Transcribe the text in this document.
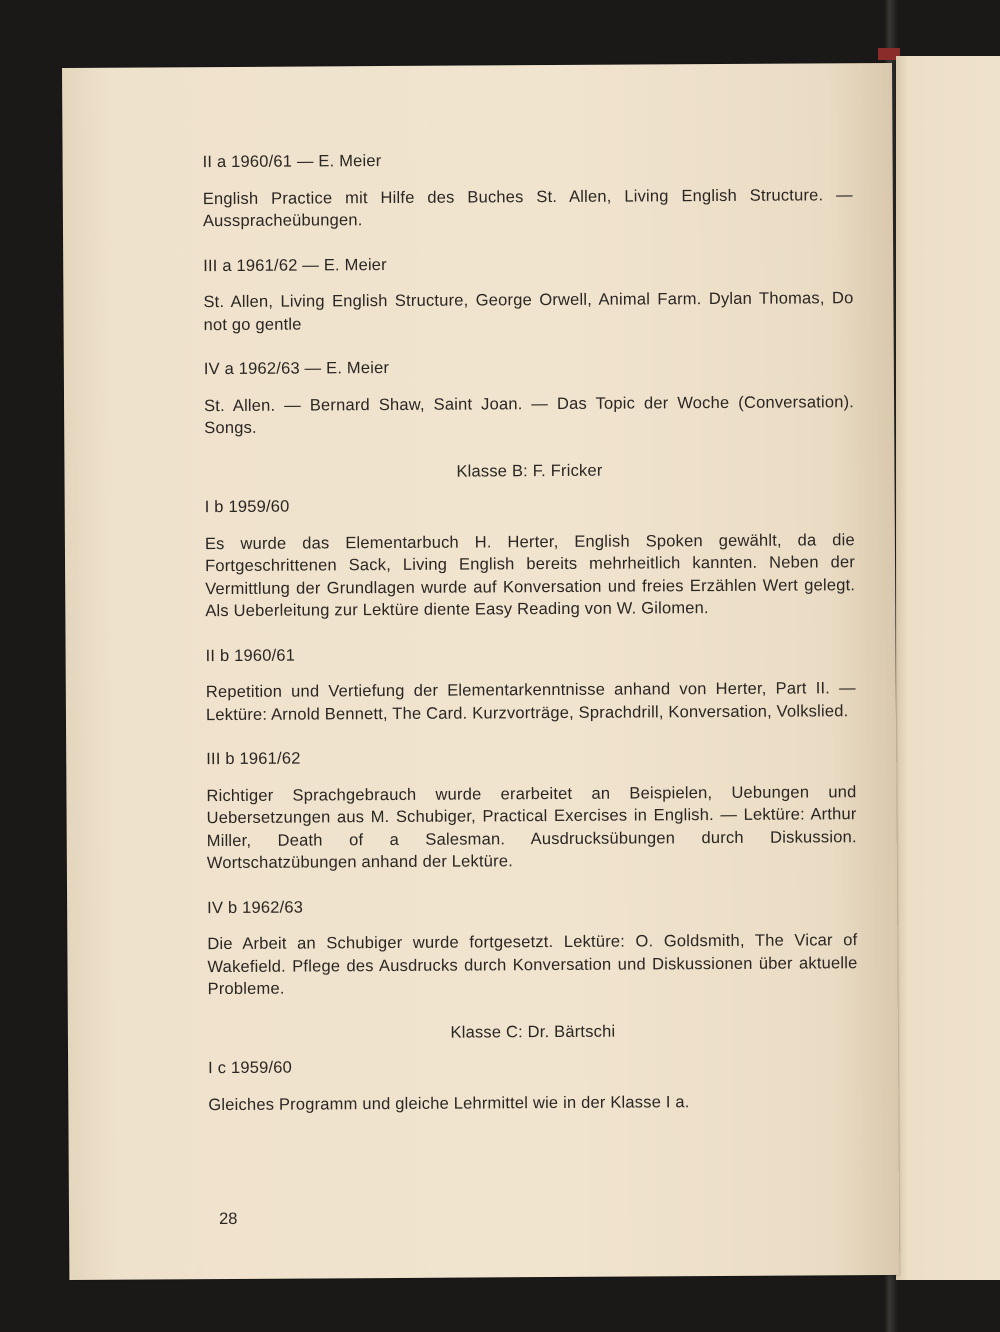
II a 1960/61 — E. Meier
English Practice mit Hilfe des Buches St. Allen, Living English Structure. — Ausspracheübungen.
III a 1961/62 — E. Meier
St. Allen, Living English Structure, George Orwell, Animal Farm. Dylan Thomas, Do not go gentle
IV a 1962/63 — E. Meier
St. Allen. — Bernard Shaw, Saint Joan. — Das Topic der Woche (Conversation). Songs.
Klasse B: F. Fricker
I b 1959/60
Es wurde das Elementarbuch H. Herter, English Spoken gewählt, da die Fortgeschrittenen Sack, Living English bereits mehrheitlich kannten. Neben der Vermittlung der Grundlagen wurde auf Konversation und freies Erzählen Wert gelegt. Als Ueberleitung zur Lektüre diente Easy Reading von W. Gilomen.
II b 1960/61
Repetition und Vertiefung der Elementarkenntnisse anhand von Herter, Part II. — Lektüre: Arnold Bennett, The Card. Kurzvorträge, Sprachdrill, Konversation, Volkslied.
III b 1961/62
Richtiger Sprachgebrauch wurde erarbeitet an Beispielen, Uebungen und Uebersetzungen aus M. Schubiger, Practical Exercises in English. — Lektüre: Arthur Miller, Death of a Salesman. Ausdrucksübungen durch Diskussion. Wortschatzübungen anhand der Lektüre.
IV b 1962/63
Die Arbeit an Schubiger wurde fortgesetzt. Lektüre: O. Goldsmith, The Vicar of Wakefield. Pflege des Ausdrucks durch Konversation und Diskussionen über aktuelle Probleme.
Klasse C: Dr. Bärtschi
I c 1959/60
Gleiches Programm und gleiche Lehrmittel wie in der Klasse I a.
28
